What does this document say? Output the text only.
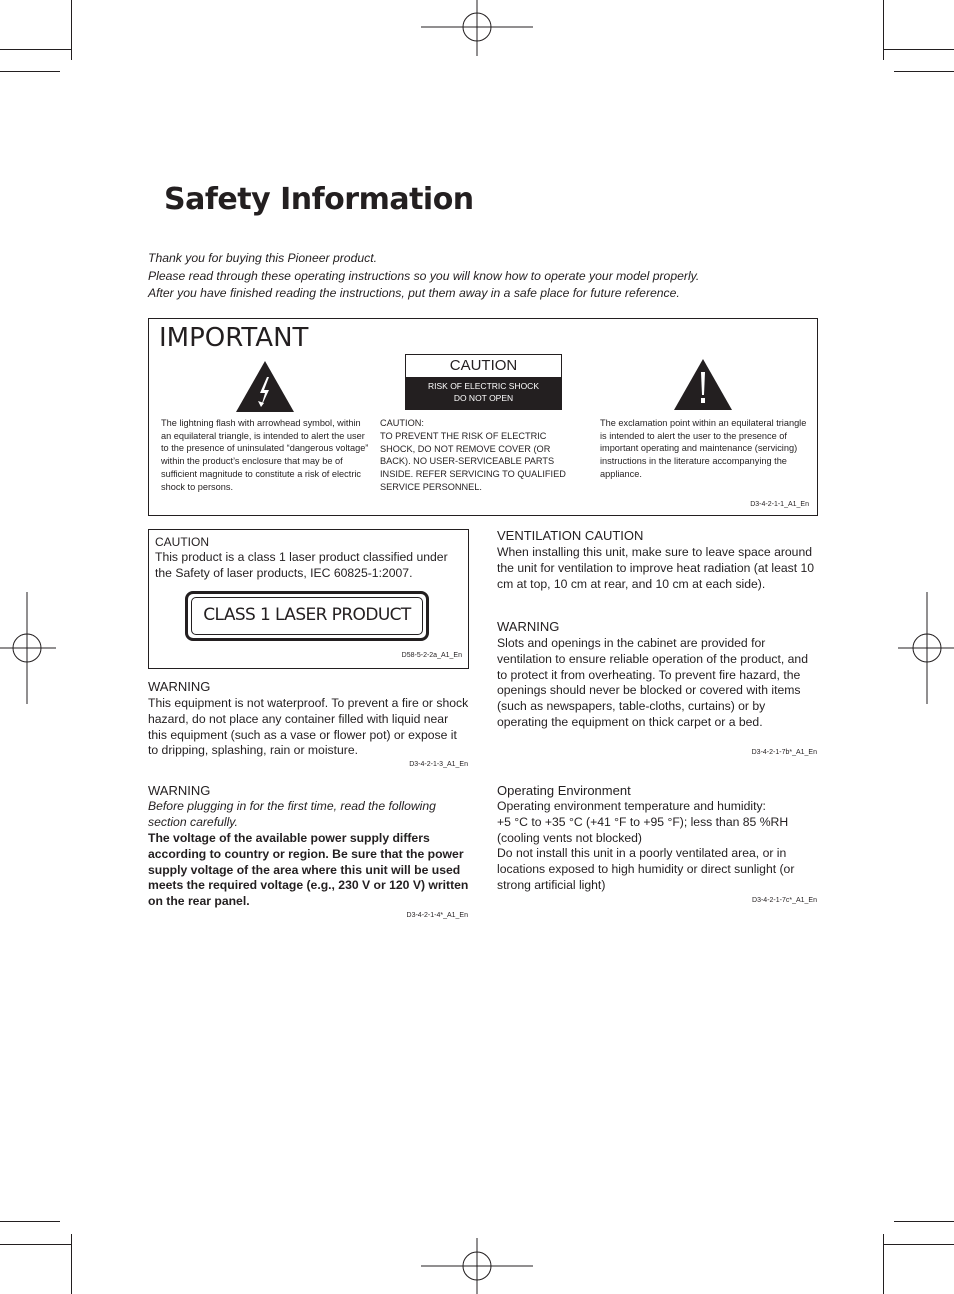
Safety Information
Thank you for buying this Pioneer product.
Please read through these operating instructions so you will know how to operate your model properly.
After you have finished reading the instructions, put them away in a safe place for future reference.
IMPORTANT
The lightning flash with arrowhead symbol, within an equilateral triangle, is intended to alert the user to the presence of uninsulated “dangerous voltage” within the product’s enclosure that may be of sufficient magnitude to constitute a risk of electric shock to persons.
CAUTION
RISK OF ELECTRIC SHOCK
DO NOT OPEN
CAUTION:
TO PREVENT THE RISK OF ELECTRIC SHOCK, DO NOT REMOVE COVER (OR BACK). NO USER-SERVICEABLE PARTS INSIDE. REFER SERVICING TO QUALIFIED SERVICE PERSONNEL.
The exclamation point within an equilateral triangle is intended to alert the user to the presence of important operating and maintenance (servicing) instructions in the literature accompanying the appliance.
D3-4-2-1-1_A1_En
CAUTION
This product is a class 1 laser product classified under the Safety of laser products, IEC 60825-1:2007.
CLASS 1 LASER PRODUCT
D58-5-2-2a_A1_En
WARNING
This equipment is not waterproof. To prevent a fire or shock hazard, do not place any container filled with liquid near this equipment (such as a vase or flower pot) or expose it to dripping, splashing, rain or moisture.
D3-4-2-1-3_A1_En
WARNING
Before plugging in for the first time, read the following section carefully.
The voltage of the available power supply differs according to country or region. Be sure that the power supply voltage of the area where this unit will be used meets the required voltage (e.g., 230 V or 120 V) written on the rear panel.
D3-4-2-1-4*_A1_En
VENTILATION CAUTION
When installing this unit, make sure to leave space around the unit for ventilation to improve heat radiation (at least 10 cm at top, 10 cm at rear, and 10 cm at each side).
WARNING
Slots and openings in the cabinet are provided for ventilation to ensure reliable operation of the product, and to protect it from overheating. To prevent fire hazard, the openings should never be blocked or covered with items (such as newspapers, table-cloths, curtains) or by operating the equipment on thick carpet or a bed.
D3-4-2-1-7b*_A1_En
Operating Environment
Operating environment temperature and humidity:
+5 °C to +35 °C (+41 °F to +95 °F); less than 85 %RH (cooling vents not blocked)
Do not install this unit in a poorly ventilated area, or in locations exposed to high humidity or direct sunlight (or strong artificial light)
D3-4-2-1-7c*_A1_En
